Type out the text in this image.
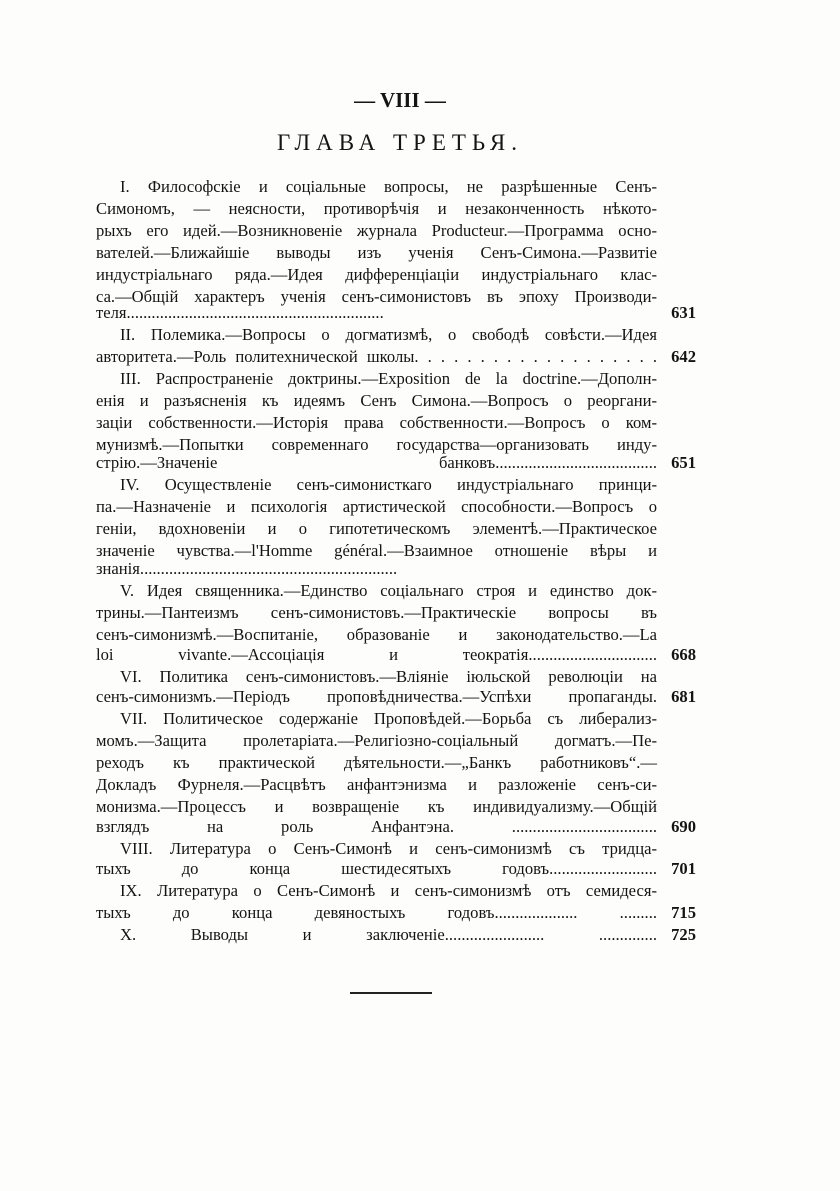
— VIII —
ГЛАВА ТРЕТЬЯ.
I. Философскіе и соціальные вопросы, не разрѣшенные Сенъ-
Симономъ, — неясности, противорѣчія и незаконченность нѣкото-
рыхъ его идей.—Возникновеніе журнала Producteur.—Программа осно-
вателей.—Ближайшіе выводы изъ ученія Сенъ-Симона.—Развитіе
индустріальнаго ряда.—Идея дифференціаціи индустріальнаго клас-
са.—Общій характеръ ученія сенъ-симонистовъ въ эпоху Производи-
теля..............................................................
II. Полемика.—Вопросы о догматизмѣ, о свободѣ совѣсти.—Идея
авторитета.—Роль политехнической школы. . . . . . . . . . . . . . . . . . .
III. Распространеніе доктрины.—Exposition de la doctrine.—Дополн-
енія и разъясненія къ идеямъ Сенъ Симона.—Вопросъ о реоргани-
заціи собственности.—Исторія права собственности.—Вопросъ о ком-
мунизмѣ.—Попытки современнаго государства—организовать инду-
стрію.—Значеніе банковъ.......................................
IV. Осуществленіе сенъ-симонисткаго индустріальнаго принци-
па.—Назначеніе и психологія артистической способности.—Вопросъ о
геніи, вдохновеніи и о гипотетическомъ элементѣ.—Практическое
значеніе чувства.—l'Homme général.—Взаимное отношеніе вѣры и
знанія..............................................................
V. Идея священника.—Единство соціальнаго строя и единство док-
трины.—Пантеизмъ сенъ-симонистовъ.—Практическіе вопросы въ
сенъ-симонизмѣ.—Воспитаніе, образованіе и законодательство.—La
loi vivante.—Ассоціація и теократія...............................
VI. Политика сенъ-симонистовъ.—Вліяніе іюльской революціи на
сенъ-симонизмъ.—Періодъ проповѣдничества.—Успѣхи пропаганды.
VII. Политическое содержаніе Проповѣдей.—Борьба съ либерализ-
момъ.—Защита пролетаріата.—Религіозно-соціальный догматъ.—Пе-
реходъ къ практической дѣятельности.—„Банкъ работниковъ“.—
Докладъ Фурнеля.—Расцвѣтъ анфантэнизма и разложеніе сенъ-си-
монизма.—Процессъ и возвращеніе къ индивидуализму.—Общій
взглядъ на роль Анфантэна. ...................................
VIII. Литература о Сенъ-Симонѣ и сенъ-симонизмѣ съ тридца-
тыхъ до конца шестидесятыхъ годовъ..........................
IX. Литература о Сенъ-Симонѣ и сенъ-симонизмѣ отъ семидеся-
тыхъ до конца девяностыхъ годовъ.................... .........
X. Выводы и заключеніе........................ ..............
631
642
651
668
681
690
701
715
725
